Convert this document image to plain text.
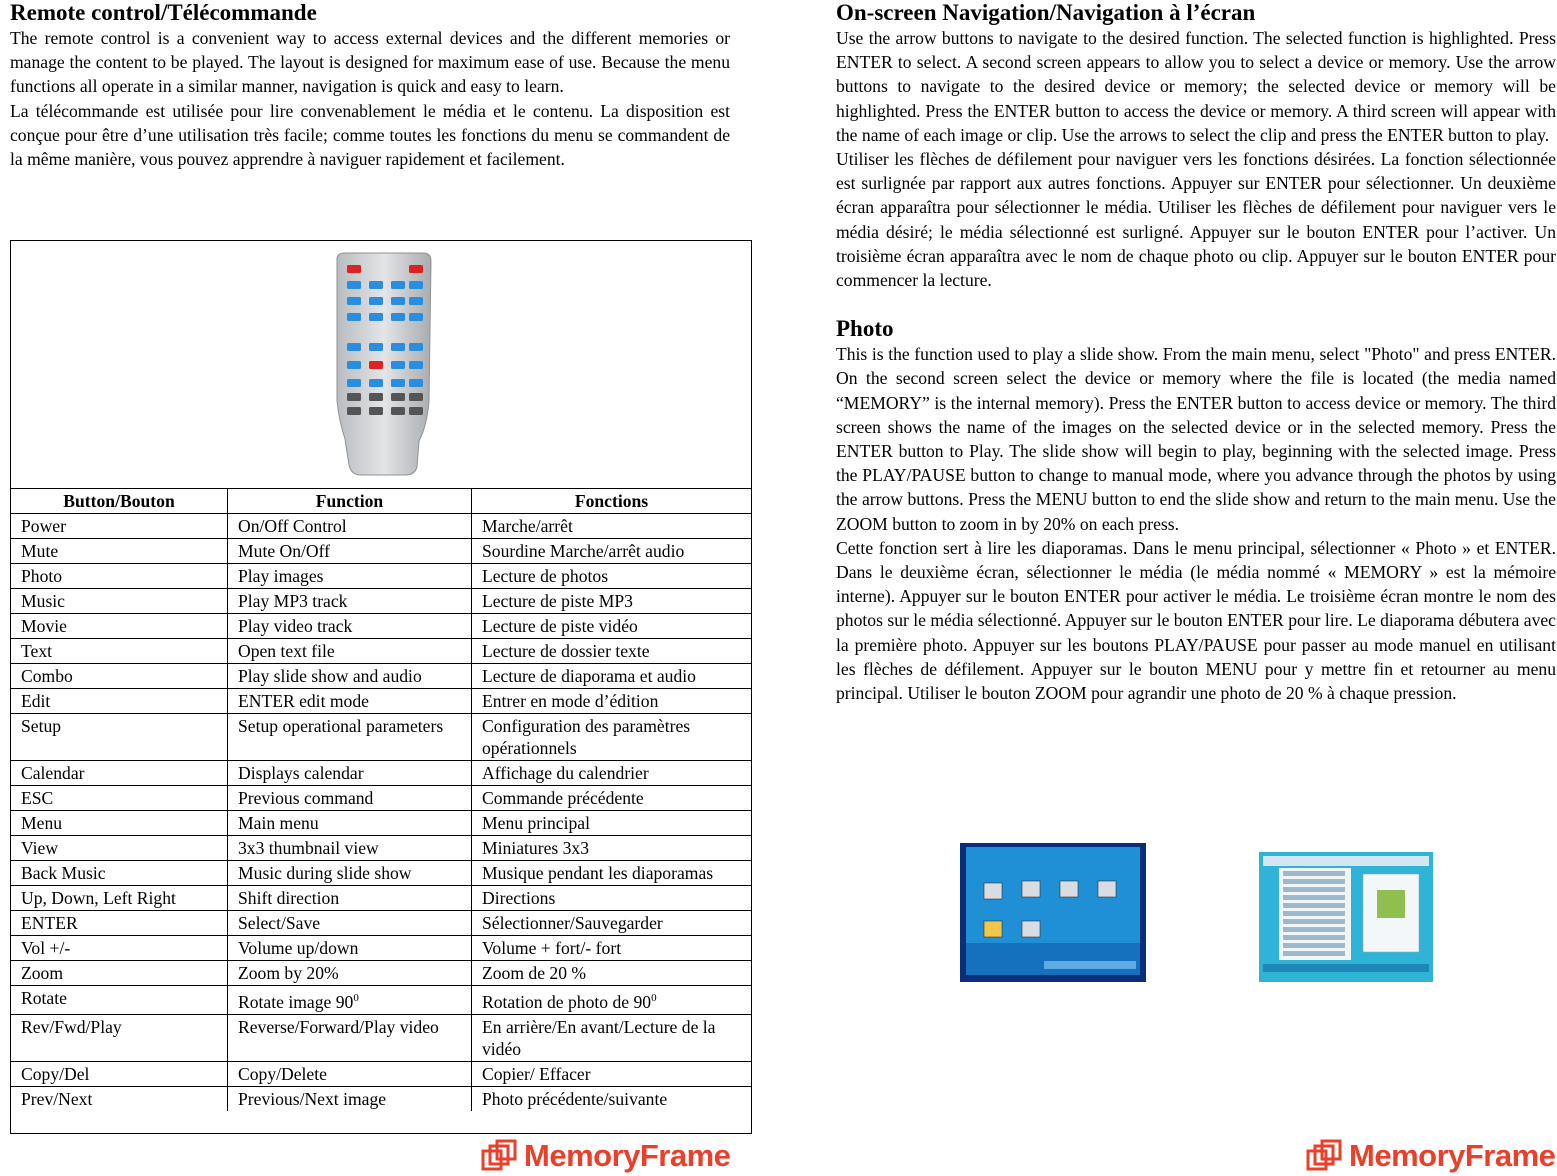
Remote control/Télécommande

The remote control is a convenient way to access external devices and the different memories or manage the content to be played. The layout is designed for maximum ease of use. Because the menu functions all operate in a similar manner, navigation is quick and easy to learn.

La télécommande est utilisée pour lire convenablement le média et le contenu. La disposition est conçue pour être d’une utilisation très facile; comme toutes les fonctions du menu se commandent de la même manière, vous pouvez apprendre à naviguer rapidement et facilement.

Button/Bouton	Function	Fonctions
Power	On/Off Control	Marche/arrêt
Mute	Mute On/Off	Sourdine Marche/arrêt audio
Photo	Play images	Lecture de photos
Music	Play MP3 track	Lecture de piste MP3
Movie	Play video track	Lecture de piste vidéo
Text	Open text file	Lecture de dossier texte
Combo	Play slide show and audio	Lecture de diaporama et audio
Edit	ENTER edit mode	Entrer en mode d’édition
Setup	Setup operational parameters	Configuration des paramètres opérationnels
Calendar	Displays calendar	Affichage du calendrier
ESC	Previous command	Commande précédente
Menu	Main menu	Menu principal
View	3x3 thumbnail view	Miniatures 3x3
Back Music	Music during slide show	Musique pendant les diaporamas
Up, Down, Left Right	Shift direction	Directions
ENTER	Select/Save	Sélectionner/Sauvegarder
Vol +/-	Volume up/down	Volume + fort/- fort
Zoom	Zoom by 20%	Zoom de 20 %
Rotate	Rotate image $90^0$	Rotation de photo de $90^0$
Rev/Fwd/Play	Reverse/Forward/Play video	En arrière/En avant/Lecture de la vidéo
Copy/Del	Copy/Delete	Copier/ Effacer
Prev/Next	Previous/Next image	Photo précédente/suivante
MemoryFrame
On-screen Navigation/Navigation à l’écran

Use the arrow buttons to navigate to the desired function. The selected function is highlighted. Press ENTER to select. A second screen appears to allow you to select a device or memory. Use the arrow buttons to navigate to the desired device or memory; the selected device or memory will be highlighted. Press the ENTER button to access the device or memory. A third screen will appear with the name of each image or clip. Use the arrows to select the clip and press the ENTER button to play.

Utiliser les flèches de défilement pour naviguer vers les fonctions désirées. La fonction sélectionnée est surlignée par rapport aux autres fonctions. Appuyer sur ENTER pour sélectionner. Un deuxième écran apparaîtra pour sélectionner le média. Utiliser les flèches de défilement pour naviguer vers le média désiré; le média sélectionné est surligné. Appuyer sur le bouton ENTER pour l’activer. Un troisième écran apparaîtra avec le nom de chaque photo ou clip. Appuyer sur le bouton ENTER pour commencer la lecture.

Photo

This is the function used to play a slide show. From the main menu, select "Photo" and press ENTER. On the second screen select the device or memory where the file is located (the media named “MEMORY” is the internal memory). Press the ENTER button to access device or memory. The third screen shows the name of the images on the selected device or in the selected memory. Press the ENTER button to Play. The slide show will begin to play, beginning with the selected image. Press the PLAY/PAUSE button to change to manual mode, where you advance through the photos by using the arrow buttons. Press the MENU button to end the slide show and return to the main menu. Use the ZOOM button to zoom in by 20% on each press.

Cette fonction sert à lire les diaporamas. Dans le menu principal, sélectionner « Photo » et ENTER. Dans le deuxième écran, sélectionner le média (le média nommé « MEMORY » est la mémoire interne). Appuyer sur le bouton ENTER pour activer le média. Le troisième écran montre le nom des photos sur le média sélectionné. Appuyer sur le bouton ENTER pour lire. Le diaporama débutera avec la première photo. Appuyer sur les boutons PLAY/PAUSE pour passer au mode manuel en utilisant les flèches de défilement. Appuyer sur le bouton MENU pour y mettre fin et retourner au menu principal. Utiliser le bouton ZOOM pour agrandir une photo de 20 % à chaque pression.

MemoryFrame
